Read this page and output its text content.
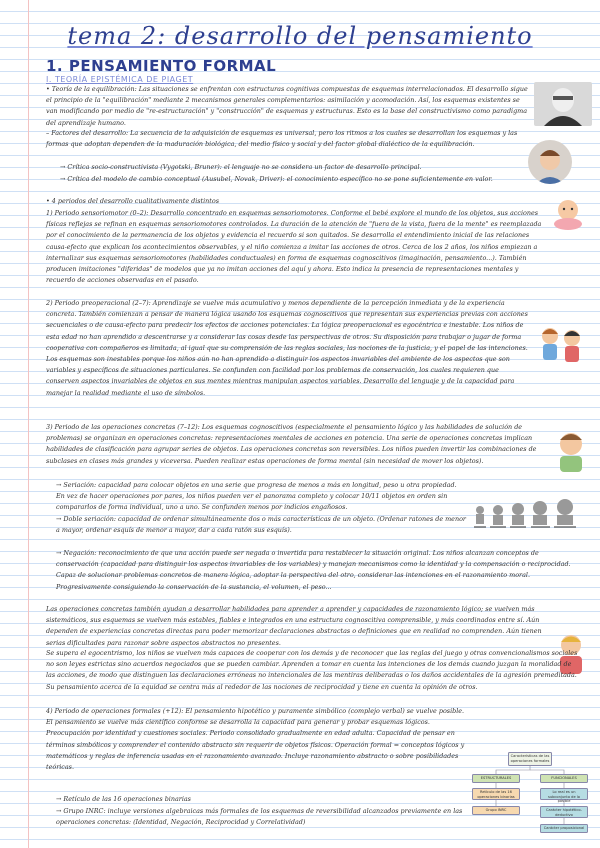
tema 2: desarrollo del pensamiento
1. PENSAMIENTO FORMAL
I. TEORÍA EPISTÉMICA DE PIAGET

• Teoría de la equilibración: Las situaciones se enfrentan con estructuras cognitivas compuestas de esquemas interrelacionados. El desarrollo sigue el principio de la "equilibración" mediante 2 mecanismos generales complementarios: asimilación y acomodación. Así, los esquemas existentes se van modificando por medio de "re-estructuración" y "construcción" de esquemas y estructuras. Esto es la base del constructivismo como paradigma del aprendizaje humano.

– Factores del desarrollo: La secuencia de la adquisición de esquemas es universal, pero los ritmos a los cuales se desarrollan los esquemas y las formas que adoptan dependen de la maduración biológica, del medio físico y social y del factor global dialéctico de la equilibración.

→ Crítica socio-constructivista (Vygotski, Bruner): el lenguaje no se considera un factor de desarrollo principal.

→ Crítica del modelo de cambio conceptual (Ausubel, Novak, Driver): el conocimiento específico no se pone suficientemente en valor.

• 4 periodos del desarrollo cualitativamente distintos

1) Periodo sensoriomotor (0–2): Desarrollo concentrado en esquemas sensoriomotores. Conforme el bebé explore el mundo de los objetos, sus acciones físicas reflejas se refinan en esquemas sensoriomotores controlados. La duración de la atención de "fuera de la vista, fuera de la mente" es reemplazada por el conocimiento de la permanencia de los objetos y evidencia el recuerdo si son quitados. Se desarrolla el entendimiento inicial de las relaciones causa-efecto que explican los acontecimientos observables, y el niño comienza a imitar las acciones de otros. Cerca de los 2 años, los niños empiezan a internalizar sus esquemas sensoriomotores (habilidades conductuales) en forma de esquemas cognoscitivos (imaginación, pensamiento...). También producen imitaciones "diferidas" de modelos que ya no imitan acciones del aquí y ahora. Esto indica la presencia de representaciones mentales y recuerdo de acciones observadas en el pasado.

2) Periodo preoperacional (2–7): Aprendizaje se vuelve más acumulativo y menos dependiente de la percepción inmediata y de la experiencia concreta. También comienzan a pensar de manera lógica usando los esquemas cognoscitivos que representan sus experiencias previas con acciones secuenciales o de causa-efecto para predecir los efectos de acciones potenciales. La lógica preoperacional es egocéntrica e inestable. Los niños de esta edad no han aprendido a descentrarse y a considerar las cosas desde las perspectivas de otros. Su disposición para trabajar o jugar de forma cooperativa con compañeros es limitada, al igual que su comprensión de las reglas sociales, las nociones de la justicia, y el papel de las intenciones. Los esquemas son inestables porque los niños aún no han aprendido a distinguir los aspectos invariables del ambiente de los aspectos que son variables y específicos de situaciones particulares. Se confunden con facilidad por los problemas de conservación, los cuales requieren que conserven aspectos invariables de objetos en sus mentes mientras manipulan aspectos variables. Desarrollo del lenguaje y de la capacidad para manejar la realidad mediante el uso de símbolos.

3) Periodo de las operaciones concretas (7–12): Los esquemas cognoscitivos (especialmente el pensamiento lógico y las habilidades de solución de problemas) se organizan en operaciones concretas: representaciones mentales de acciones en potencia. Una serie de operaciones concretas implican habilidades de clasificación para agrupar series de objetos. Las operaciones concretas son reversibles. Los niños pueden invertir las combinaciones de subclases en clases más grandes y viceversa. Pueden realizar estas operaciones de forma mental (sin necesidad de mover los objetos).

→ Seriación: capacidad para colocar objetos en una serie que progresa de menos a más en longitud, peso u otra propiedad. En vez de hacer operaciones por pares, los niños pueden ver el panorama completo y colocar 10/11 objetos en orden sin compararlos de forma individual, uno a uno. Se confunden menos por indicios engañosos.

→ Doble seriación: capacidad de ordenar simultáneamente dos o más características de un objeto. (Ordenar ratones de menor a mayor, ordenar esquís de menor a mayor, dar a cada ratón sus esquís).

→ Negación: reconocimiento de que una acción puede ser negada o invertida para restablecer la situación original. Los niños alcanzan conceptos de conservación (capacidad para distinguir los aspectos invariables de los variables) y manejan mecanismos como la identidad y la compensación o reciprocidad. Capaz de solucionar problemas concretos de manera lógica, adoptar la perspectiva del otro, considerar las intenciones en el razonamiento moral. Progresivamente consiguiendo la conservación de la sustancia, el volumen, el peso...

Las operaciones concretas también ayudan a desarrollar habilidades para aprender a aprender y capacidades de razonamiento lógico; se vuelven más sistemáticos, sus esquemas se vuelven más estables, fiables e integrados en una estructura cognoscitiva comprensible, y más coordinados entre sí. Aún dependen de experiencias concretas directas para poder memorizar declaraciones abstractas o definiciones que en realidad no comprenden. Aún tienen serias dificultades para razonar sobre aspectos abstractos no presentes.

Se supera el egocentrismo, los niños se vuelven más capaces de cooperar con los demás y de reconocer que las reglas del juego y otras convencionalismos sociales no son leyes estrictas sino acuerdos negociados que se pueden cambiar. Aprenden a tomar en cuenta las intenciones de los demás cuando juzgan la moralidad de las acciones, de modo que distinguen las declaraciones erróneas no intencionales de las mentiras deliberadas o los daños accidentales de la agresión premeditada. Su pensamiento acerca de la equidad se centra más al rededor de las nociones de reciprocidad y tiene en cuenta la opinión de otros.

4) Periodo de operaciones formales (+12): El pensamiento hipotético y puramente simbólico (complejo verbal) se vuelve posible. El pensamiento se vuelve más científico conforme se desarrolla la capacidad para generar y probar esquemas lógicos. Preocupación por identidad y cuestiones sociales. Periodo consolidado gradualmente en edad adulta. Capacidad de pensar en términos simbólicos y comprender el contenido abstracto sin requerir de objetos físicos. Operación formal = conceptos lógicos y matemáticos y reglas de inferencia usadas en el razonamiento avanzado. Incluye razonamiento abstracto o sobre posibilidades teóricas.

→ Retículo de las 16 operaciones binarias

→ Grupo INRC: incluye versiones algebraicas más formales de los esquemas de reversibilidad alcanzados previamente en las operaciones concretas: (Identidad, Negación, Reciprocidad y Correlatividad)

Características de las operaciones formales
ESTRUCTURALES	FUNCIONALES
Retículo de las 16 operaciones binarias
Grupo INRC
Lo real es un subconjunto de lo posible
Carácter hipotético-deductivo
Carácter proposicional
